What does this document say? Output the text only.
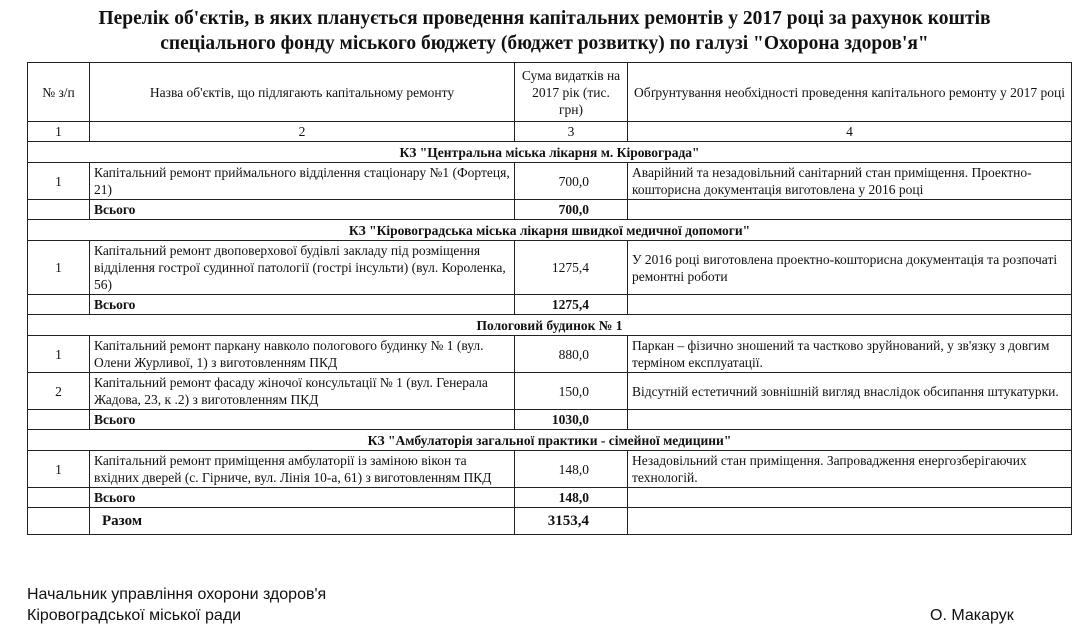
Перелік об'єктів, в яких планується проведення капітальних ремонтів у 2017 році за рахунок коштів
спеціального фонду міського бюджету (бюджет розвитку) по галузі "Охорона здоров'я"
№ з/п	Назва об'єктів, що підлягають капітальному ремонту	Сума видатків на 2017 рік (тис. грн)	Обґрунтування необхідності проведення капітального ремонту у 2017 році
1	2	3	4
КЗ "Центральна міська лікарня м. Кіровограда"			
1	Капітальний ремонт приймального відділення стаціонару №1 (Фортеця, 21)	700,0	Аварійний та незадовільний санітарний стан приміщення. Проектно-кошторисна документація виготовлена у 2016 році
	Всього	700,0	
КЗ "Кіровоградська міська лікарня швидкої медичної допомоги"			
1	Капітальний ремонт двоповерхової будівлі закладу під розміщення відділення гострої судинної патології (гострі інсульти) (вул. Короленка, 56)	1275,4	У 2016 році виготовлена проектно-кошторисна документація та розпочаті ремонтні роботи
	Всього	1275,4	
Пологовий будинок № 1			
1	Капітальний ремонт паркану навколо пологового будинку № 1 (вул. Олени Журливої, 1) з виготовленням ПКД	880,0	Паркан – фізично зношений та частково зруйнований, у зв'язку з довгим терміном експлуатації.
2	Капітальний ремонт фасаду жіночої консультації № 1 (вул. Генерала Жадова, 23, к .2) з виготовленням ПКД	150,0	Відсутній естетичний зовнішній вигляд внаслідок обсипання штукатурки.
	Всього	1030,0	
КЗ "Амбулаторія загальної практики - сімейної медицини"			
1	Капітальний ремонт приміщення амбулаторії із заміною вікон та вхідних дверей (с. Гірниче, вул. Лінія 10-а, 61) з виготовленням ПКД	148,0	Незадовільний стан приміщення. Запровадження енергозберігаючих технологій.
	Всього	148,0	
	Разом	3153,4	
Начальник управління охорони здоров'я
Кіровоградської міської ради	О. Макарук
